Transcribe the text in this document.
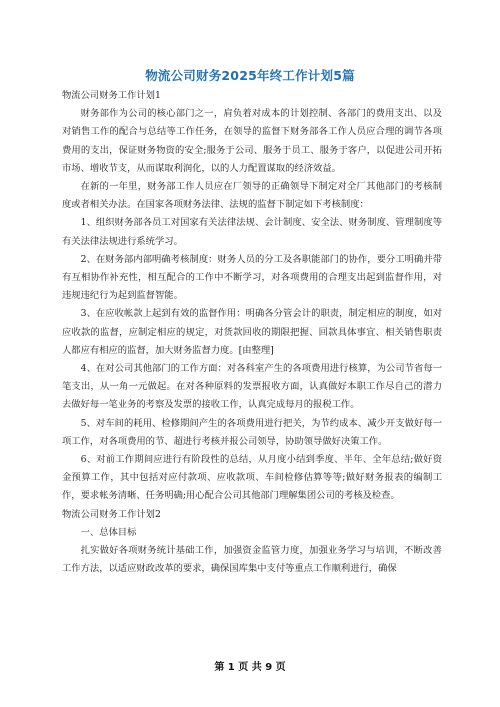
物流公司财务2025年终工作计划5篇

物流公司财务工作计划1

财务部作为公司的核心部门之一，肩负着对成本的计划控制、各部门的费用支出、以及对销售工作的配合与总结等工作任务，在领导的监督下财务部各工作人员应合理的调节各项费用的支出，保证财务物资的安全;服务于公司、服务于员工、服务于客户，以促进公司开拓市场、增收节支，从而谋取利润化，以的人力配置谋取的经济效益。

在新的一年里，财务部工作人员应在厂领导的正确领导下制定对全厂其他部门的考核制度或者相关办法。在国家各项财务法律、法规的监督下制定如下考核制度：

1、组织财务部各员工对国家有关法律法规、会计制度、安全法、财务制度、管理制度等有关法律法规进行系统学习。

2、在财务部内部明确考核制度：财务人员的分工及各职能部门的协作，要分工明确并带有互相协作补充性，相互配合的工作中不断学习，对各项费用的合理支出起到监督作用，对违规违纪行为起到监督智能。

3、在应收帐款上起到有效的监督作用：明确各分管会计的职责，制定相应的制度，如对应收款的监督，应制定相应的规定，对货款回收的期限把握、回款具体事宜、相关销售职责人都应有相应的监督，加大财务监督力度。[由整理]

4、在对公司其他部门的工作方面：对各科室产生的各项费用进行核算，为公司节省每一笔支出，从一角一元做起。在对各种原料的发票报收方面，认真做好本职工作尽自己的潜力去做好每一笔业务的考察及发票的接收工作，认真完成每月的报税工作。

5、对车间的耗用、检修期间产生的各项费用进行把关，为节约成本、减少开支做好每一项工作，对各项费用的节、超进行考核并报公司领导，协助领导做好决策工作。

6、对前工作期间应进行有阶段性的总结，从月度小结到季度、半年、全年总结;做好资金预算工作，其中包括对应付款项、应收款项、车间检修估算等等;做好财务报表的编制工作，要求帐务清晰、任务明确;用心配合公司其他部门理解集团公司的考核及检查。

物流公司财务工作计划2

一、总体目标

扎实做好各项财务统计基础工作，加强资金监管力度，加强业务学习与培训，不断改善工作方法，以适应财政改革的要求，确保国库集中支付等重点工作顺利进行，确保

第 1 页 共 9 页
